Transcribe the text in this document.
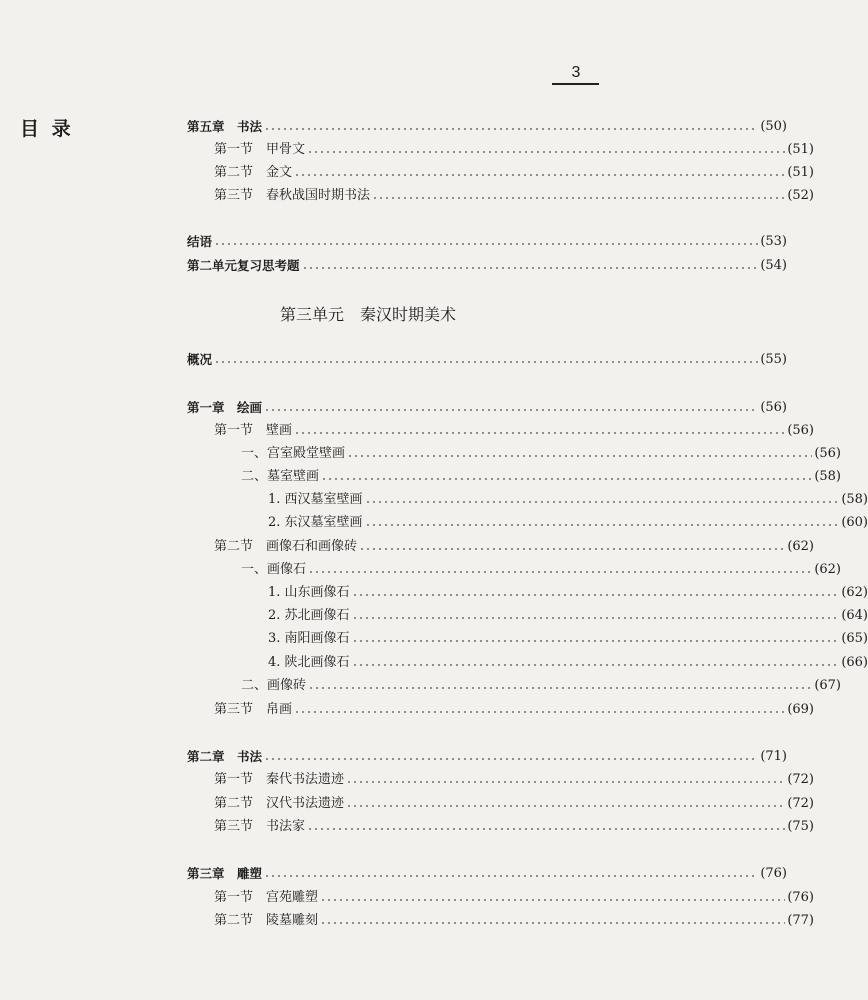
3
目 录	第五章　书法	(50)
第一节　甲骨文	(51)
第二节　金文	(51)
第三节　春秋战国时期书法	(52)
结语	(53)
第二单元复习思考题	(54)
第三单元　秦汉时期美术
概况	(55)
第一章　绘画	(56)
第一节　壁画	(56)
一、宫室殿堂壁画	(56)
二、墓室壁画	(58)
1. 西汉墓室壁画	(58)
2. 东汉墓室壁画	(60)
第二节　画像石和画像砖	(62)
一、画像石	(62)
1. 山东画像石	(62)
2. 苏北画像石	(64)
3. 南阳画像石	(65)
4. 陕北画像石	(66)
二、画像砖	(67)
第三节　帛画	(69)
第二章　书法	(71)
第一节　秦代书法遗迹	(72)
第二节　汉代书法遗迹	(72)
第三节　书法家	(75)
第三章　雕塑	(76)
第一节　宫苑雕塑	(76)
第二节　陵墓雕刻	(77)
